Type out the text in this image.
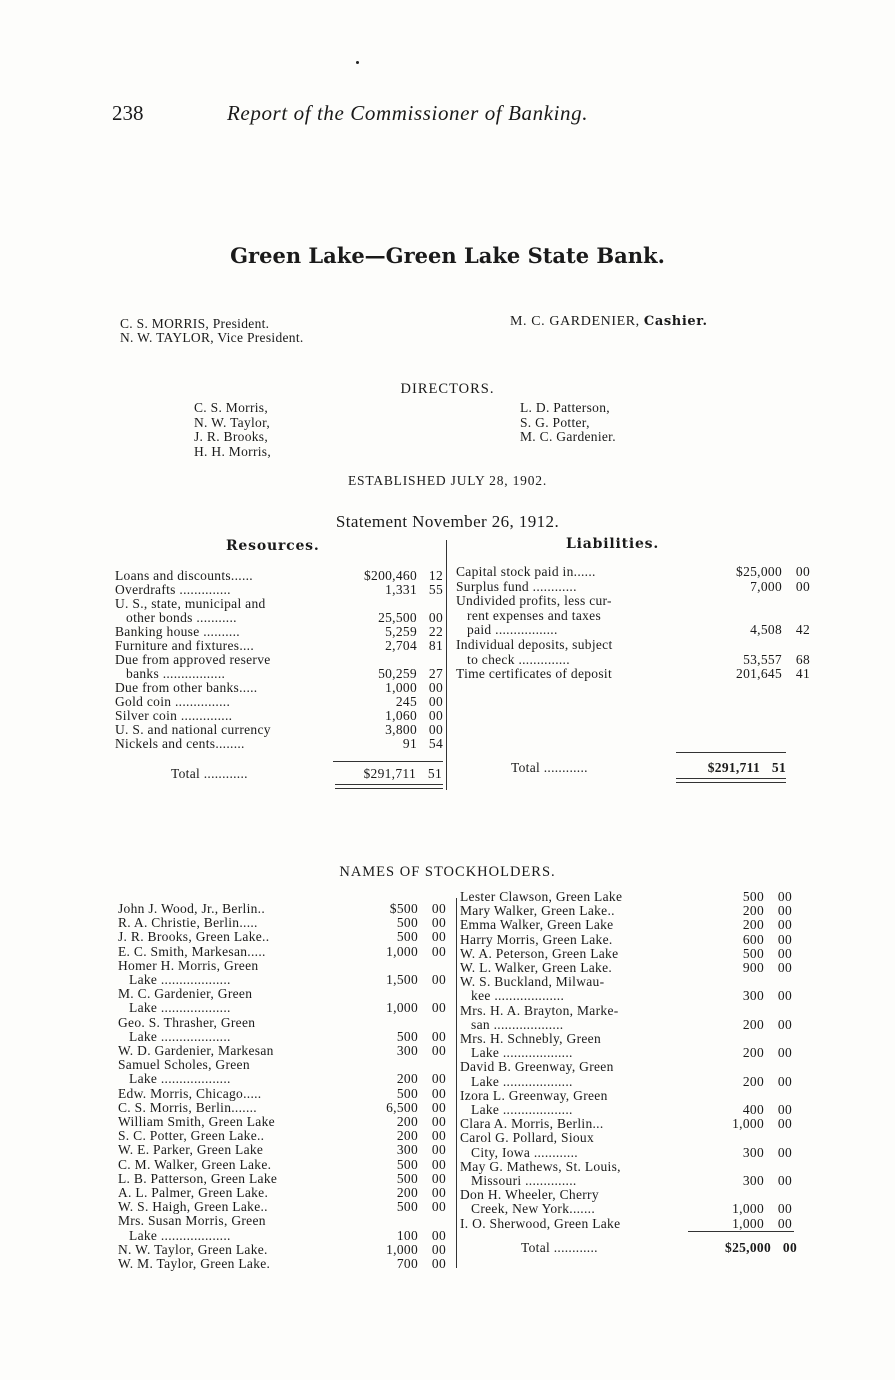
238	Report of the Commissioner of Banking.
Green Lake—Green Lake State Bank.
C. S. MORRIS, President.
N. W. TAYLOR, Vice President.
M. C. GARDENIER, Cashier.
DIRECTORS.
C. S. Morris,
N. W. Taylor,
J. R. Brooks,
H. H. Morris,
L. D. Patterson,
S. G. Potter,
M. C. Gardenier.
ESTABLISHED JULY 28, 1902.
Statement November 26, 1912.
Resources.	Liabilities.
Loans and discounts......	$200,460 12
Overdrafts ..............	1,331 55
U. S., state, municipal and
other bonds ...........	25,500 00
Banking house ..........	5,259 22
Furniture and fixtures....	2,704 81
Due from approved reserve
banks .................	50,259 27
Due from other banks.....	1,000 00
Gold coin ...............	245 00
Silver coin ..............	1,060 00
U. S. and national currency	3,800 00
Nickels and cents........	91 54
Capital stock paid in......	$25,000	00
Surplus fund ............	7,000	00
Undivided profits, less cur-
rent expenses and taxes
paid .................	4,508	42
Individual deposits, subject
to check ..............	53,557	68
Time certificates of deposit	201,645	41
Total ............	$291,711 51	Total ............	$291,711 51
NAMES OF STOCKHOLDERS.
John J. Wood, Jr., Berlin..	$500	00
R. A. Christie, Berlin.....	500	00
J. R. Brooks, Green Lake..	500	00
E. C. Smith, Markesan.....	1,000	00
Homer H. Morris, Green
Lake ...................	1,500	00
M. C. Gardenier, Green
Lake ...................	1,000	00
Geo. S. Thrasher, Green
Lake ...................	500	00
W. D. Gardenier, Markesan	300	00
Samuel Scholes, Green
Lake ...................	200	00
Edw. Morris, Chicago.....	500	00
C. S. Morris, Berlin.......	6,500	00
William Smith, Green Lake	200	00
S. C. Potter, Green Lake..	200	00
W. E. Parker, Green Lake	300	00
C. M. Walker, Green Lake.	500	00
L. B. Patterson, Green Lake	500	00
A. L. Palmer, Green Lake.	200	00
W. S. Haigh, Green Lake..	500	00
Mrs. Susan Morris, Green
Lake ...................	100	00
N. W. Taylor, Green Lake.	1,000	00
W. M. Taylor, Green Lake.	700	00
Lester Clawson, Green Lake	500	00
Mary Walker, Green Lake..	200	00
Emma Walker, Green Lake	200	00
Harry Morris, Green Lake.	600	00
W. A. Peterson, Green Lake	500	00
W. L. Walker, Green Lake.	900	00
W. S. Buckland, Milwau-
kee ...................	300	00
Mrs. H. A. Brayton, Marke-
san ...................	200	00
Mrs. H. Schnebly, Green
Lake ...................	200	00
David B. Greenway, Green
Lake ...................	200	00
Izora L. Greenway, Green
Lake ...................	400	00
Clara A. Morris, Berlin...	1,000	00
Carol G. Pollard, Sioux
City, Iowa ............	300	00
May G. Mathews, St. Louis,
Missouri ..............	300	00
Don H. Wheeler, Cherry
Creek, New York.......	1,000	00
I. O. Sherwood, Green Lake	1,000	00
Total ............	$25,000 00
